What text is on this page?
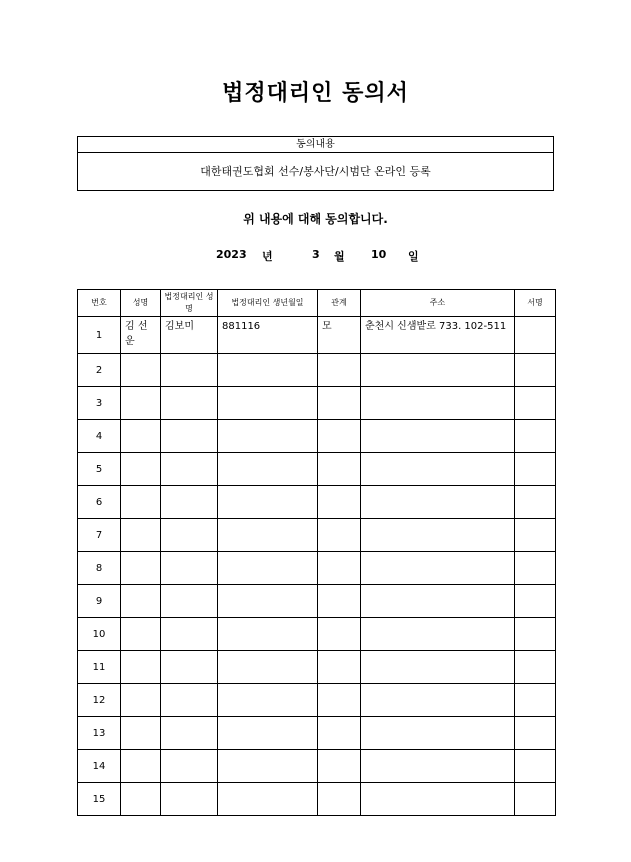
법정대리인 동의서
동의내용
대한태권도협회 선수/봉사단/시범단 온라인 등록
위 내용에 대해 동의합니다.
2023 년	3 월 10 일
번호	성명	법정대리인 성명	법정대리인 생년월일	관계	주소	서명
1	김 선 운	김보미	881116	모	춘천시 신샘밭로 733. 102-511	
2						
3						
4						
5						
6						
7						
8						
9						
10						
11						
12						
13						
14						
15						
